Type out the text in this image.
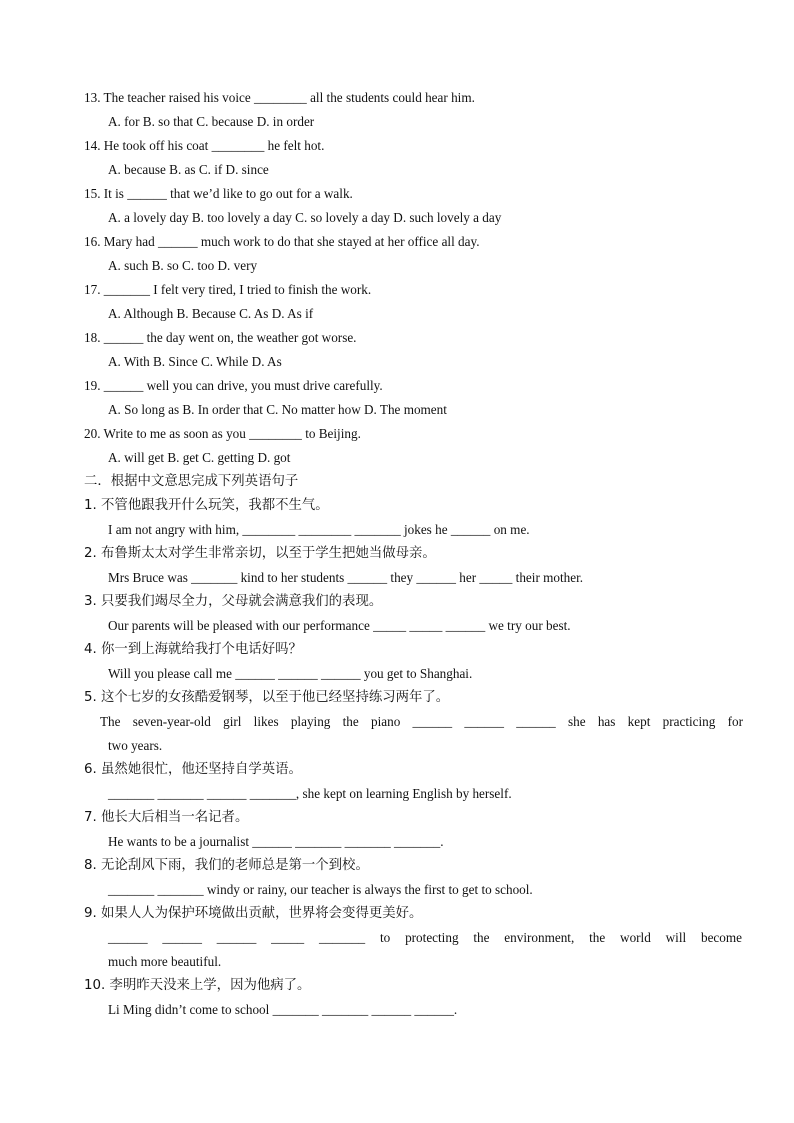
13. The teacher raised his voice ________ all the students could hear him.
A. for B. so that C. because D. in order
14. He took off his coat ________ he felt hot.
A. because B. as C. if D. since
15. It is ______ that we’d like to go out for a walk.
A. a lovely day B. too lovely a day C. so lovely a day D. such lovely a day
16. Mary had ______ much work to do that she stayed at her office all day.
A. such B. so C. too D. very
17. _______ I felt very tired, I tried to finish the work.
A. Although B. Because C. As D. As if
18. ______ the day went on, the weather got worse.
A. With B. Since C. While D. As
19. ______ well you can drive, you must drive carefully.
A. So long as B. In order that C. No matter how D. The moment
20. Write to me as soon as you ________ to Beijing.
A. will get B. get C. getting D. got
二．根据中文意思完成下列英语句子
1. 不管他跟我开什么玩笑，我都不生气。
I am not angry with him, ________ ________ _______ jokes he ______ on me.
2. 布鲁斯太太对学生非常亲切，以至于学生把她当做母亲。
Mrs Bruce was _______ kind to her students ______ they ______ her _____ their mother.
3. 只要我们竭尽全力，父母就会满意我们的表现。
Our parents will be pleased with our performance _____ _____ ______ we try our best.
4. 你一到上海就给我打个电话好吗？
Will you please call me ______ ______ ______ you get to Shanghai.
5. 这个七岁的女孩酷爱钢琴，以至于他已经坚持练习两年了。
The seven-year-old girl likes playing the piano ______ ______ ______ she has kept practicing for
two years.
6. 虽然她很忙，他还坚持自学英语。
_______ _______ ______ _______, she kept on learning English by herself.
7. 他长大后相当一名记者。
He wants to be a journalist ______ _______ _______ _______.
8. 无论刮风下雨，我们的老师总是第一个到校。
_______ _______ windy or rainy, our teacher is always the first to get to school.
9. 如果人人为保护环境做出贡献，世界将会变得更美好。
______ ______ ______ _____ _______ to protecting the environment, the world will become
much more beautiful.
10. 李明昨天没来上学，因为他病了。
Li Ming didn’t come to school _______ _______ ______ ______.
